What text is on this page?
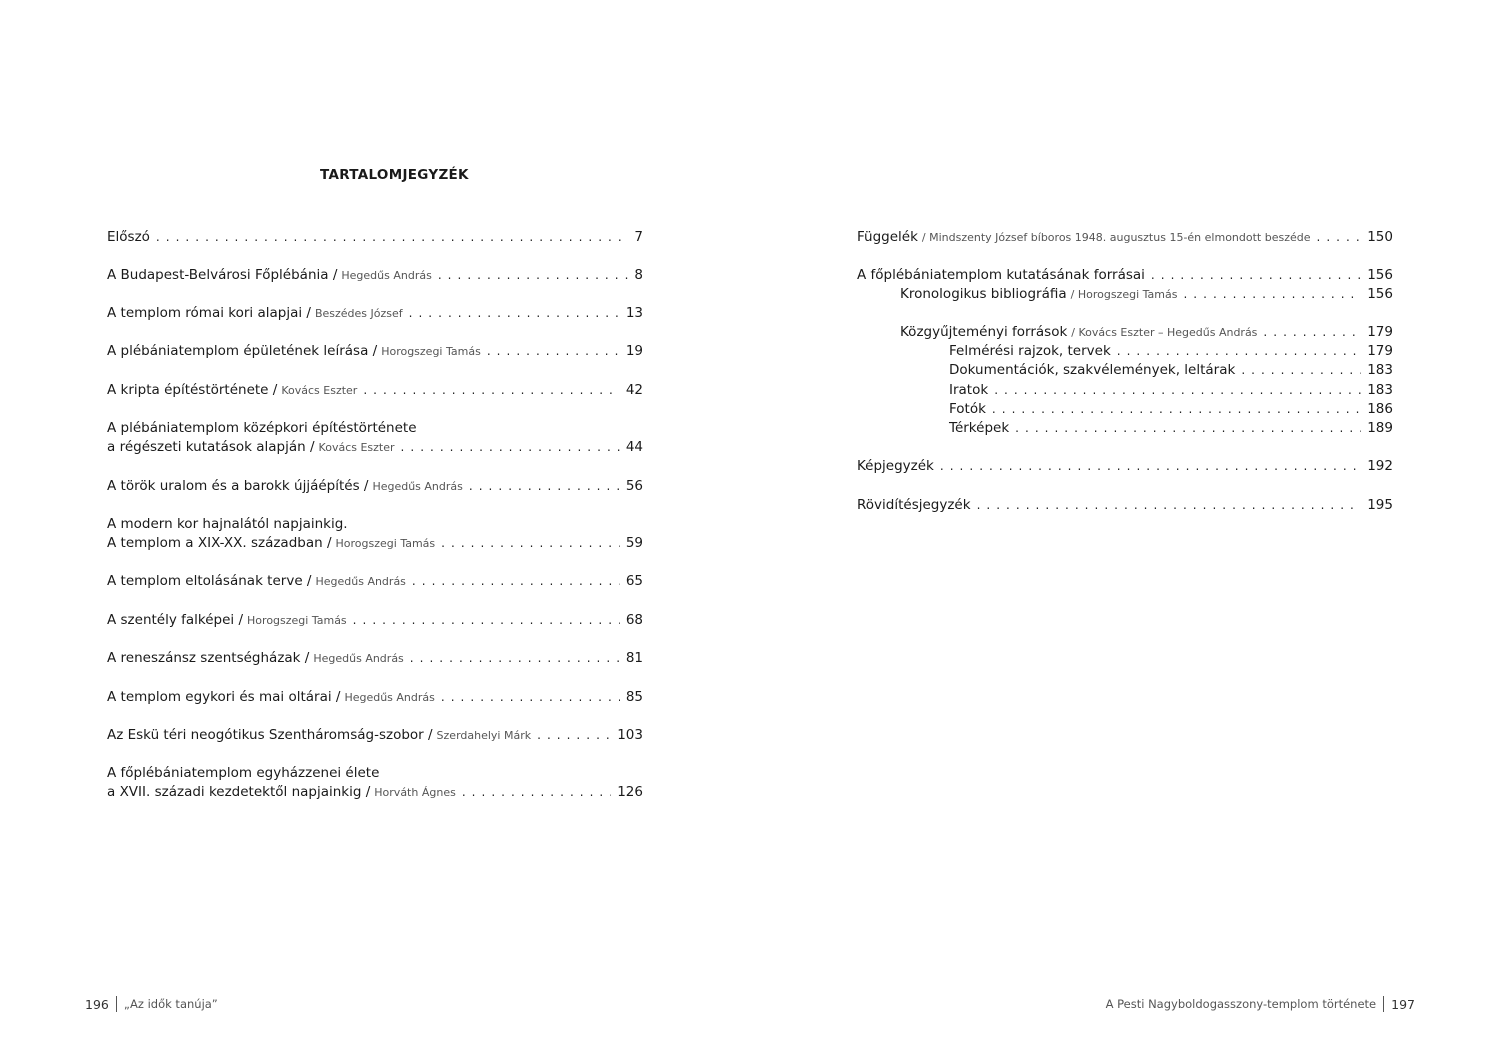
TARTALOMJEGYZÉK
Előszó . . .	7
A Budapest-Belvárosi Főplébánia / Hegedűs András . . .	8
A templom római kori alapjai / Beszédes József . . .	13
A plébániatemplom épületének leírása / Horogszegi Tamás . . .	19
A kripta építéstörténete / Kovács Eszter . . .	42
A plébániatemplom középkori építéstörténete
a régészeti kutatások alapján / Kovács Eszter . . .	44
A török uralom és a barokk újjáépítés / Hegedűs András . . .	56
A modern kor hajnalától napjainkig.
A templom a XIX-XX. században / Horogszegi Tamás . . .	59
A templom eltolásának terve / Hegedűs András . . .	65
A szentély falképei / Horogszegi Tamás . . .	68
A reneszánsz szentségházak / Hegedűs András . . .	81
A templom egykori és mai oltárai / Hegedűs András . . .	85
Az Eskü téri neogótikus Szentháromság-szobor / Szerdahelyi Márk . . .	103
A főplébániatemplom egyházzenei élete
a XVII. századi kezdetektől napjainkig / Horváth Ágnes . . .	126
Függelék / Mindszenty József bíboros 1948. augusztus 15-én elmondott beszéde . . .	150
A főplébániatemplom kutatásának forrásai . . .	156
Kronologikus bibliográfia / Horogszegi Tamás . . .	156
Közgyűjteményi források / Kovács Eszter – Hegedűs András . . .	179
Felmérési rajzok, tervek . . .	179
Dokumentációk, szakvélemények, leltárak . . .	183
Iratok . . .	183
Fotók . . .	186
Térképek . . .	189
Képjegyzék . . .	192
Rövidítésjegyzék . . .	195
196 „Az idők tanúja”	A Pesti Nagyboldogasszony-templom története 197
